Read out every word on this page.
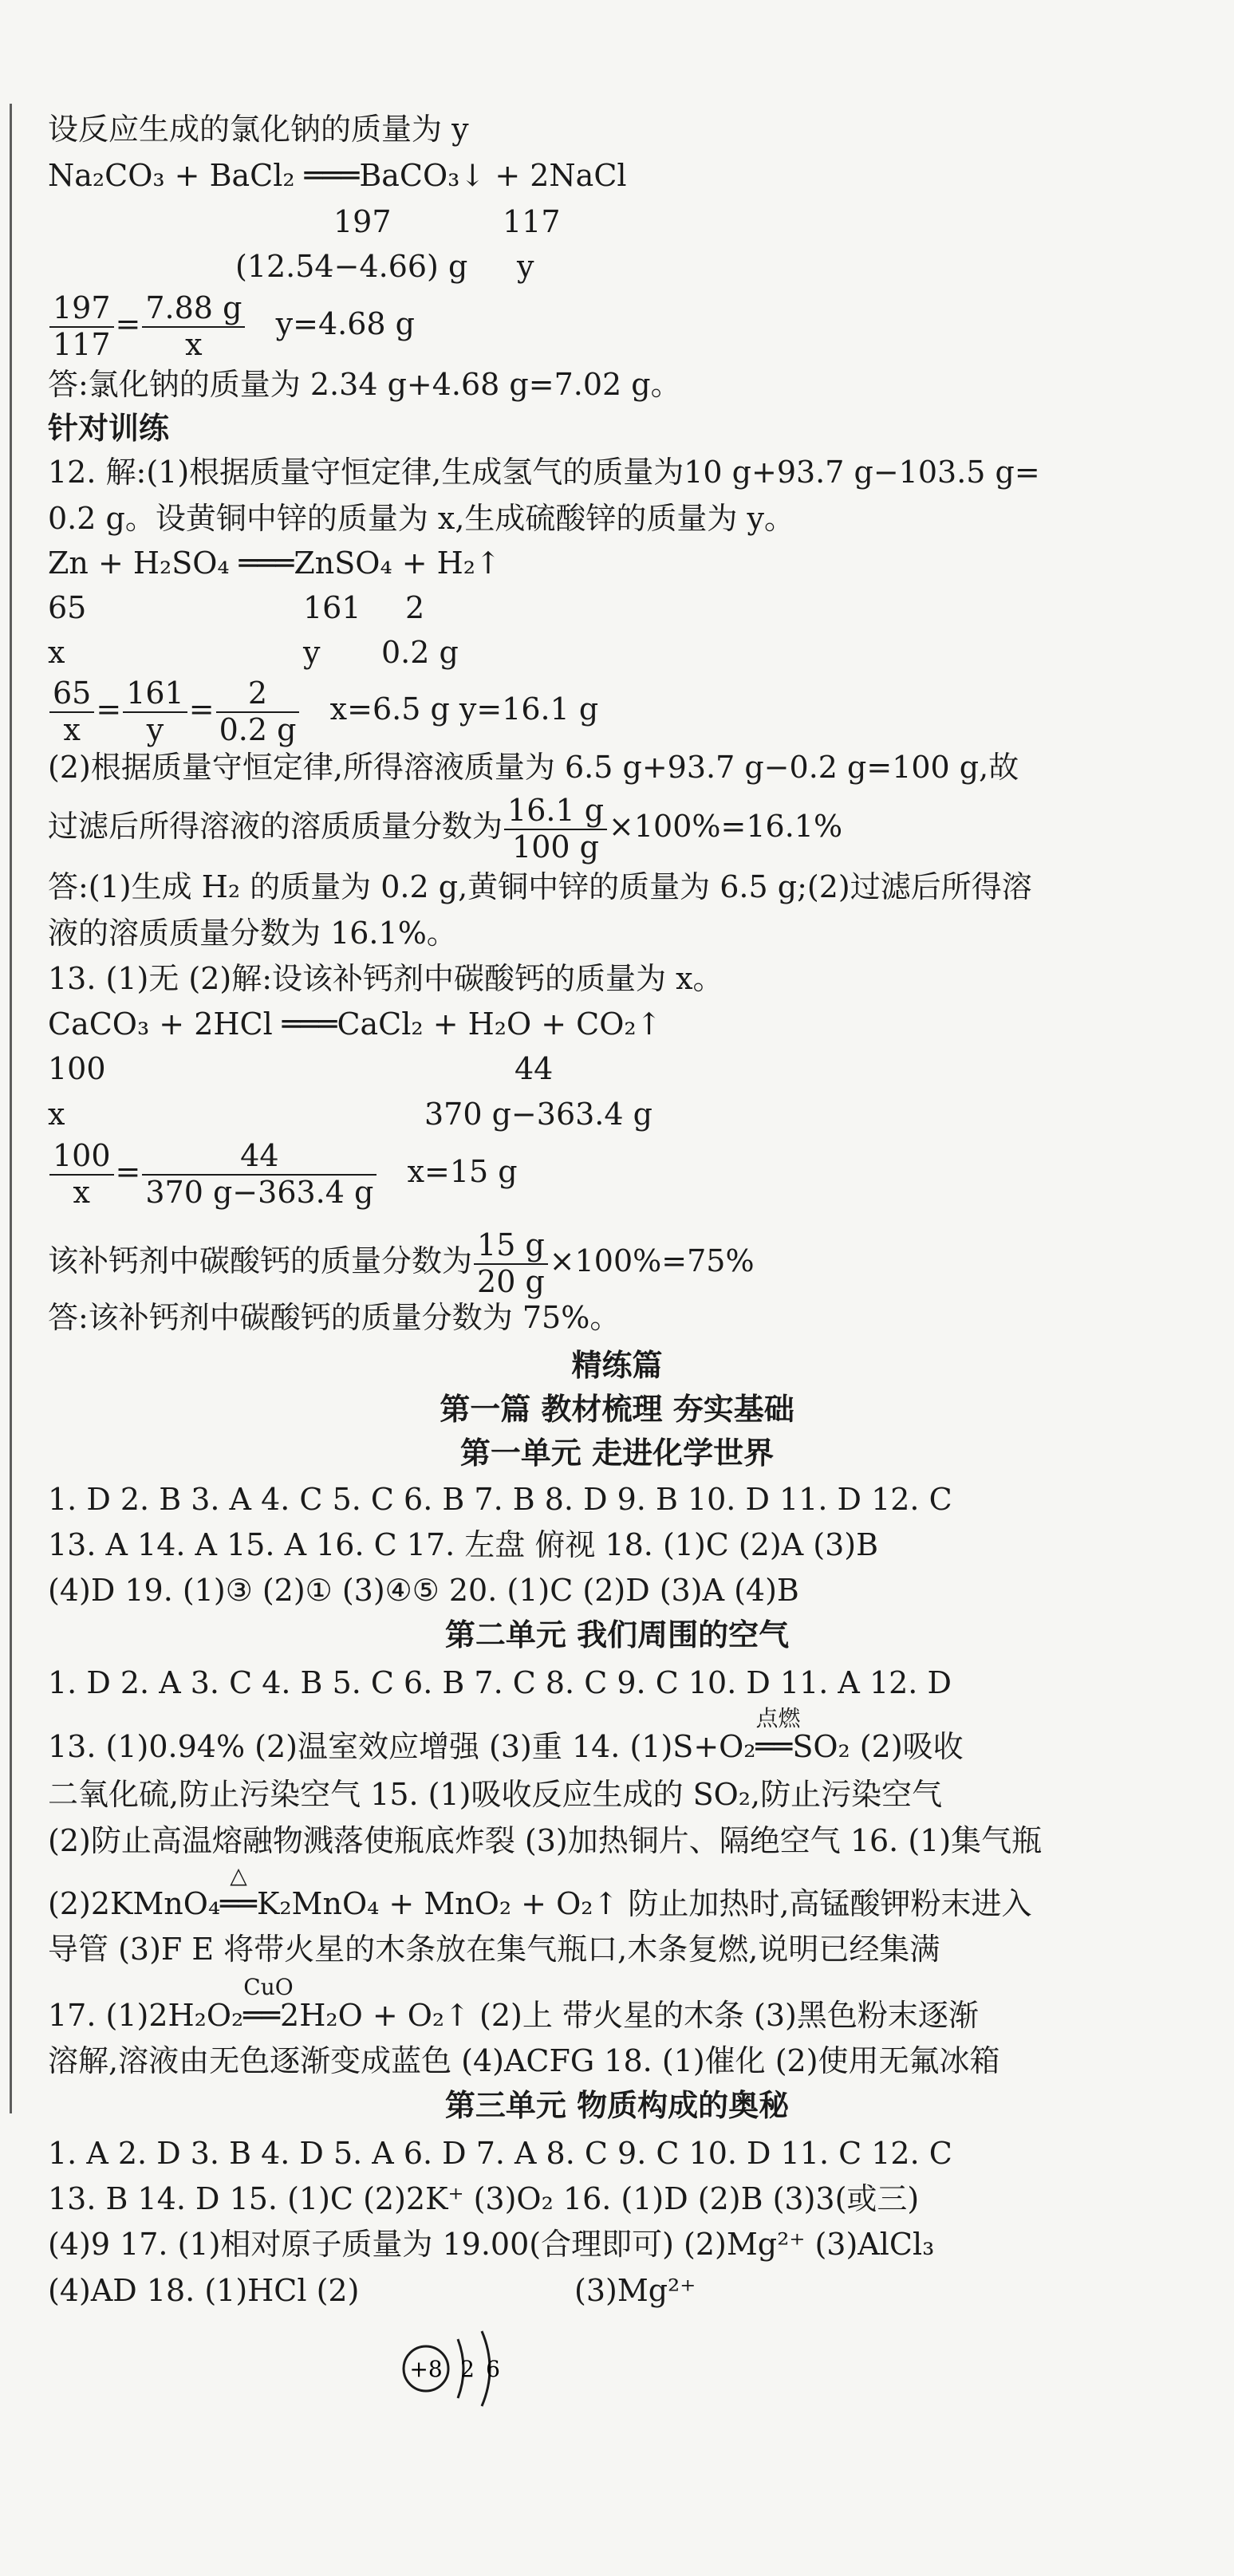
设反应生成的氯化钠的质量为 y
Na₂CO₃ + BaCl₂ ═══BaCO₃↓ + 2NaCl
197	117
(12.54−4.66) g y
$\frac{197}{117} = \frac{7.88 g}{x} y=4.68$ g
答:氯化钠的质量为 2.34 g+4.68 g=7.02 g。
针对训练
12. 解:(1)根据质量守恒定律,生成氢气的质量为10 g+93.7 g−103.5 g=
0.2 g。设黄铜中锌的质量为 x,生成硫酸锌的质量为 y。
Zn + H₂SO₄ ═══ZnSO₄ + H₂↑
65	161 2
x	y 0.2 g
$\frac{65}{x} = \frac{161}{y} = \frac{2}{0.2 g} x=6.5$ g y=16.1 g
(2)根据质量守恒定律,所得溶液质量为 6.5 g+93.7 g−0.2 g=100 g,故
过滤后所得溶液的溶质质量分数为 $\frac{16.1 g}{100 g} \times 100\%=16.1\%$
答:(1)生成 H₂ 的质量为 0.2 g,黄铜中锌的质量为 6.5 g;(2)过滤后所得溶
液的溶质质量分数为 16.1%。
13. (1)无 (2)解:设该补钙剂中碳酸钙的质量为 x。
CaCO₃ + 2HCl ═══CaCl₂ + H₂O + CO₂↑
100	44
x	370 g−363.4 g
$\frac{100}{x} = \frac{44}{370 g-363.4 g} x=15$ g
该补钙剂中碳酸钙的质量分数为 $\frac{15 g}{20 g} \times 100\%=75\%$
答:该补钙剂中碳酸钙的质量分数为 75%。
精练篇
第一篇 教材梳理 夯实基础
第一单元 走进化学世界
1. D 2. B 3. A 4. C 5. C 6. B 7. B 8. D 9. B 10. D 11. D 12. C
13. A 14. A 15. A 16. C 17. 左盘 俯视 18. (1)C (2)A (3)B
(4)D 19. (1)③ (2)① (3)④⑤ 20. (1)C (2)D (3)A (4)B
第二单元 我们周围的空气
1. D 2. A 3. C 4. B 5. C 6. B 7. C 8. C 9. C 10. D 11. A 12. D
13. (1)0.94% (2)温室效应增强 (3)重 14. (1)S+O₂
点燃
══SO₂ (2)吸收
二氧化硫,防止污染空气 15. (1)吸收反应生成的 SO₂,防止污染空气
(2)防止高温熔融物溅落使瓶底炸裂 (3)加热铜片、隔绝空气 16. (1)集气瓶
(2)2KMnO₄
△
══K₂MnO₄ + MnO₂ + O₂↑ 防止加热时,高锰酸钾粉末进入
导管 (3)F E 将带火星的木条放在集气瓶口,木条复燃,说明已经集满
17. (1)2H₂O₂
CuO
══2H₂O + O₂↑ (2)上 带火星的木条 (3)黑色粉末逐渐
溶解,溶液由无色逐渐变成蓝色 (4)ACFG 18. (1)催化 (2)使用无氟冰箱
第三单元 物质构成的奥秘
1. A 2. D 3. B 4. D 5. A 6. D 7. A 8. C 9. C 10. D 11. C 12. C
13. B 14. D 15. (1)C (2)2K⁺ (3)O₂ 16. (1)D (2)B (3)3(或三)
(4)9 17. (1)相对原子质量为 19.00(合理即可) (2)Mg²⁺ (3)AlCl₃
(4)AD 18. (1)HCl (2)	(3)Mg²⁺
+8 2 6
